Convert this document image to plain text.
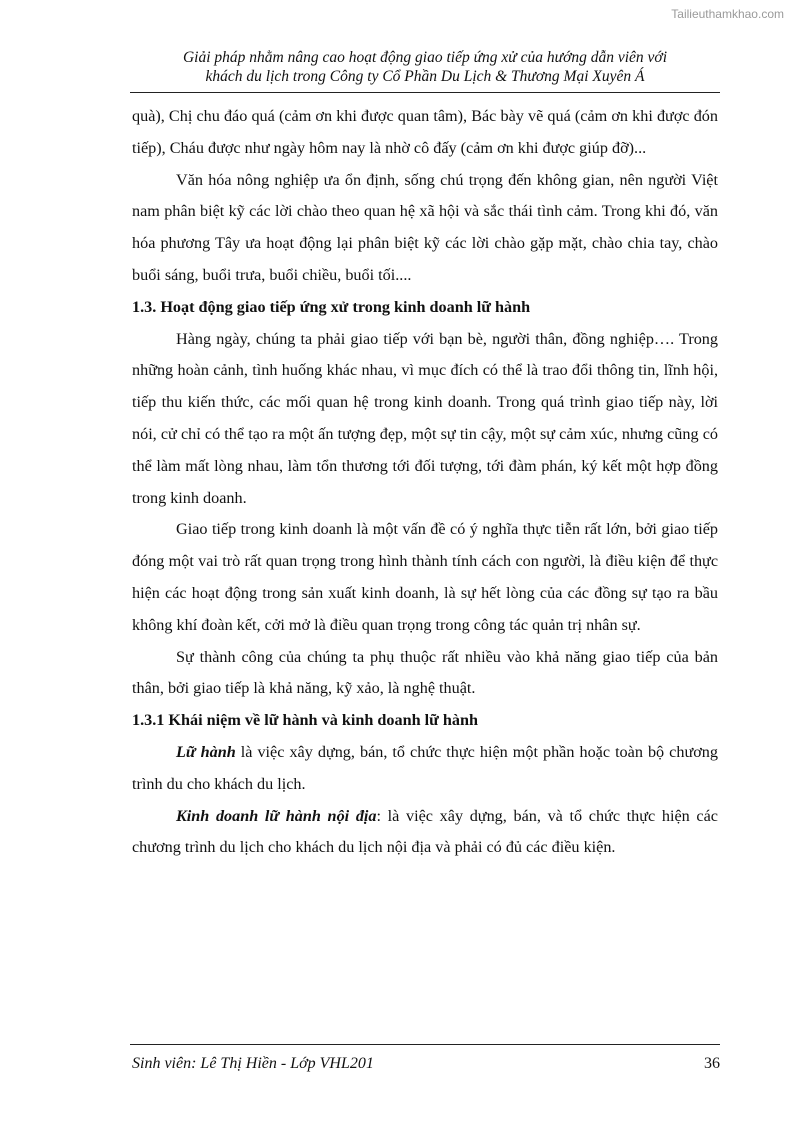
Tailieuthamkhao.com
Giải pháp nhằm nâng cao hoạt động giao tiếp ứng xử của hướng dẫn viên với
khách du lịch trong Công ty Cổ Phần Du Lịch & Thương Mại Xuyên Á

quà), Chị chu đáo quá (cảm ơn khi được quan tâm), Bác bày vẽ quá (cảm ơn khi được đón tiếp), Cháu được như ngày hôm nay là nhờ cô đấy (cảm ơn khi được giúp đỡ)...

Văn hóa nông nghiệp ưa ổn định, sống chú trọng đến không gian, nên người Việt nam phân biệt kỹ các lời chào theo quan hệ xã hội và sắc thái tình cảm. Trong khi đó, văn hóa phương Tây ưa hoạt động lại phân biệt kỹ các lời chào gặp mặt, chào chia tay, chào buổi sáng, buổi trưa, buổi chiều, buổi tối....

1.3. Hoạt động giao tiếp ứng xử trong kinh doanh lữ hành

Hàng ngày, chúng ta phải giao tiếp với bạn bè, người thân, đồng nghiệp…. Trong những hoàn cảnh, tình huống khác nhau, vì mục đích có thể là trao đổi thông tin, lĩnh hội, tiếp thu kiến thức, các mối quan hệ trong kinh doanh. Trong quá trình giao tiếp này, lời nói, cử chỉ có thể tạo ra một ấn tượng đẹp, một sự tin cậy, một sự cảm xúc, nhưng cũng có thể làm mất lòng nhau, làm tổn thương tới đối tượng, tới đàm phán, ký kết một hợp đồng trong kinh doanh.

Giao tiếp trong kinh doanh là một vấn đề có ý nghĩa thực tiễn rất lớn, bởi giao tiếp đóng một vai trò rất quan trọng trong hình thành tính cách con người, là điều kiện để thực hiện các hoạt động trong sản xuất kinh doanh, là sự hết lòng của các đồng sự tạo ra bầu không khí đoàn kết, cởi mở là điều quan trọng trong công tác quản trị nhân sự.

Sự thành công của chúng ta phụ thuộc rất nhiều vào khả năng giao tiếp của bản thân, bởi giao tiếp là khả năng, kỹ xảo, là nghệ thuật.

1.3.1 Khái niệm về lữ hành và kinh doanh lữ hành

Lữ hành là việc xây dựng, bán, tổ chức thực hiện một phần hoặc toàn bộ chương trình du cho khách du lịch.

Kinh doanh lữ hành nội địa: là việc xây dựng, bán, và tổ chức thực hiện các chương trình du lịch cho khách du lịch nội địa và phải có đủ các điều kiện.

Sinh viên: Lê Thị Hiền - Lớp VHL201	36
